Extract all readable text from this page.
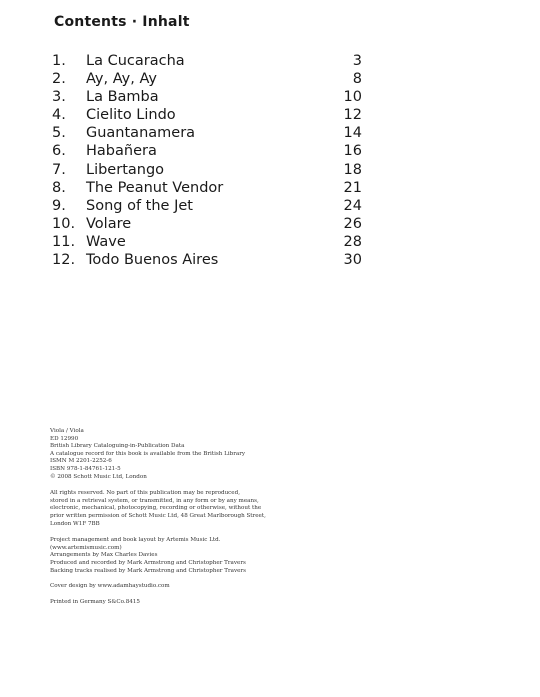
Contents · Inhalt
1. La Cucaracha	3
2. Ay, Ay, Ay	8
3. La Bamba	10
4. Cielito Lindo	12
5. Guantanamera	14
6. Habañera	16
7. Libertango	18
8. The Peanut Vendor	21
9. Song of the Jet	24
10. Volare	26
11. Wave	28
12. Todo Buenos Aires	30

Viola / Viola

ED 12990

British Library Cataloguing-in-Publication Data

A catalogue record for this book is available from the British Library

ISMN M 2201-2252-6

ISBN 978-1-84761-121-5

© 2008 Schott Music Ltd, London

All rights reserved. No part of this publication may be reproduced,

stored in a retrieval system, or transmitted, in any form or by any means,

electronic, mechanical, photocopying, recording or otherwise, without the

prior written permission of Schott Music Ltd, 48 Great Marlborough Street,

London W1F 7BB

Project management and book layout by Artemis Music Ltd.

(www.artemismusic.com)

Arrangements by Max Charles Davies

Produced and recorded by Mark Armstrong and Christopher Travers

Backing tracks realised by Mark Armstrong and Christopher Travers

Cover design by www.adamhaystudio.com

Printed in Germany S&Co.8415
